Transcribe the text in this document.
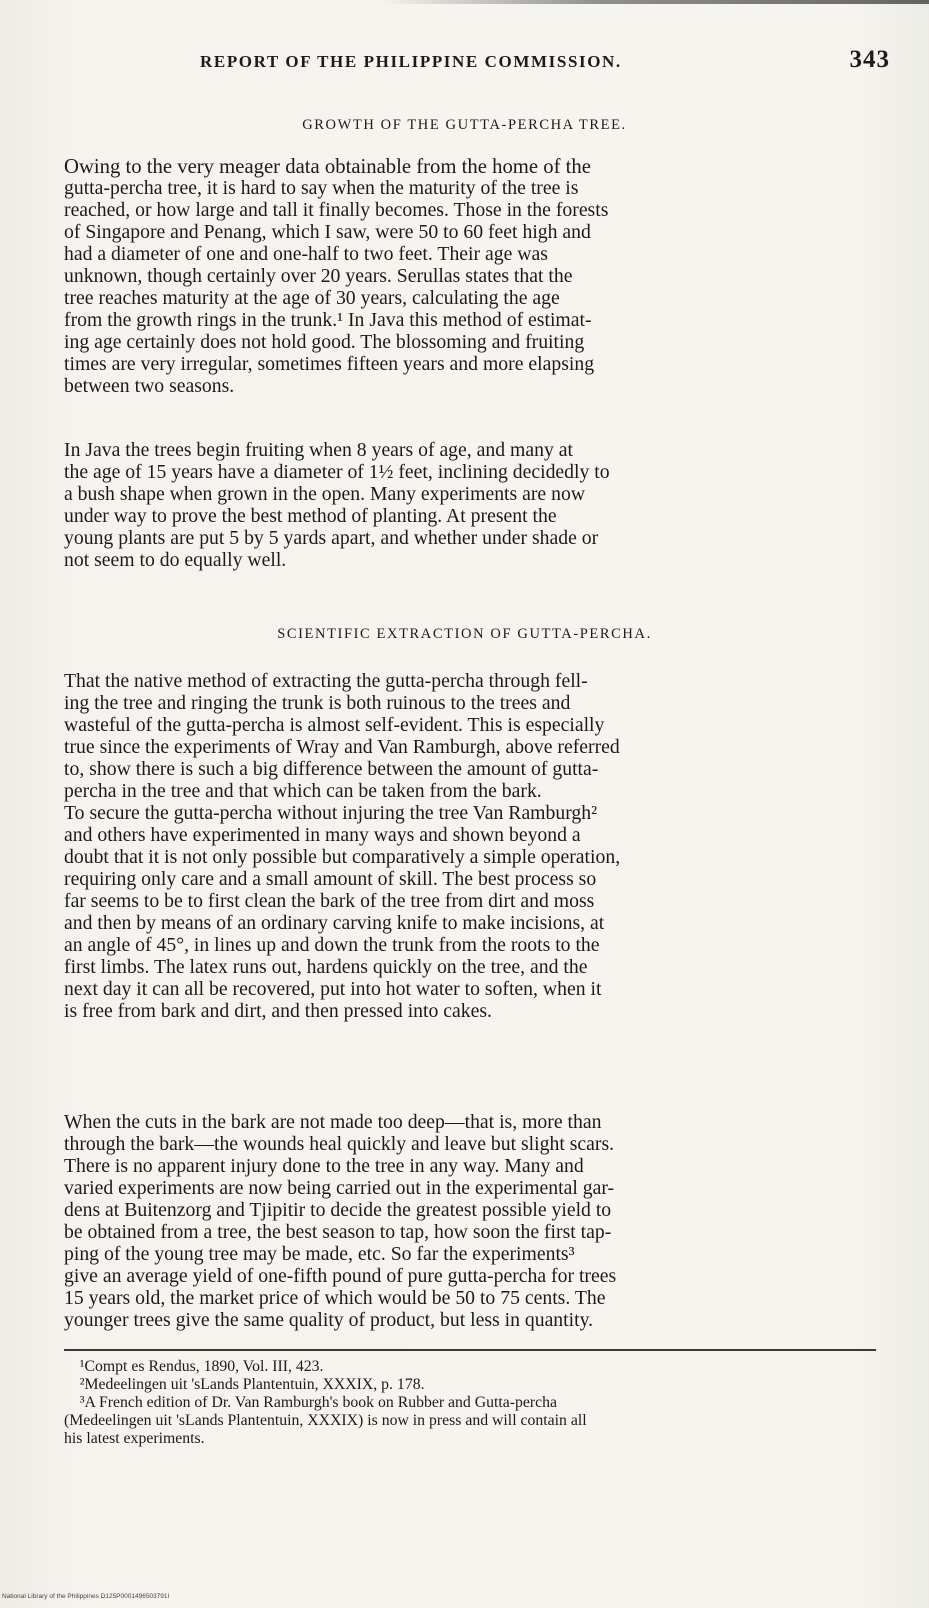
REPORT OF THE PHILIPPINE COMMISSION.	343
GROWTH OF THE GUTTA-PERCHA TREE.
Owing to the very meager data obtainable from the home of the
gutta-percha tree, it is hard to say when the maturity of the tree is
reached, or how large and tall it finally becomes. Those in the forests
of Singapore and Penang, which I saw, were 50 to 60 feet high and
had a diameter of one and one-half to two feet. Their age was
unknown, though certainly over 20 years. Serullas states that the
tree reaches maturity at the age of 30 years, calculating the age
from the growth rings in the trunk.¹ In Java this method of estimat-
ing age certainly does not hold good. The blossoming and fruiting
times are very irregular, sometimes fifteen years and more elapsing
between two seasons.
In Java the trees begin fruiting when 8 years of age, and many at
the age of 15 years have a diameter of 1½ feet, inclining decidedly to
a bush shape when grown in the open. Many experiments are now
under way to prove the best method of planting. At present the
young plants are put 5 by 5 yards apart, and whether under shade or
not seem to do equally well.
SCIENTIFIC EXTRACTION OF GUTTA-PERCHA.
That the native method of extracting the gutta-percha through fell-
ing the tree and ringing the trunk is both ruinous to the trees and
wasteful of the gutta-percha is almost self-evident. This is especially
true since the experiments of Wray and Van Ramburgh, above referred
to, show there is such a big difference between the amount of gutta-
percha in the tree and that which can be taken from the bark.
To secure the gutta-percha without injuring the tree Van Ramburgh²
and others have experimented in many ways and shown beyond a
doubt that it is not only possible but comparatively a simple operation,
requiring only care and a small amount of skill. The best process so
far seems to be to first clean the bark of the tree from dirt and moss
and then by means of an ordinary carving knife to make incisions, at
an angle of 45°, in lines up and down the trunk from the roots to the
first limbs. The latex runs out, hardens quickly on the tree, and the
next day it can all be recovered, put into hot water to soften, when it
is free from bark and dirt, and then pressed into cakes.
When the cuts in the bark are not made too deep—that is, more than
through the bark—the wounds heal quickly and leave but slight scars.
There is no apparent injury done to the tree in any way. Many and
varied experiments are now being carried out in the experimental gar-
dens at Buitenzorg and Tjipitir to decide the greatest possible yield to
be obtained from a tree, the best season to tap, how soon the first tap-
ping of the young tree may be made, etc. So far the experiments³
give an average yield of one-fifth pound of pure gutta-percha for trees
15 years old, the market price of which would be 50 to 75 cents. The
younger trees give the same quality of product, but less in quantity.
¹Compt es Rendus, 1890, Vol. III, 423.
²Medeelingen uit 'sLands Plantentuin, XXXIX, p. 178.
³A French edition of Dr. Van Ramburgh's book on Rubber and Gutta-percha
(Medeelingen uit 'sLands Plantentuin, XXXIX) is now in press and will contain all
his latest experiments.
National Library of the Philippines D125P0001496503791I
